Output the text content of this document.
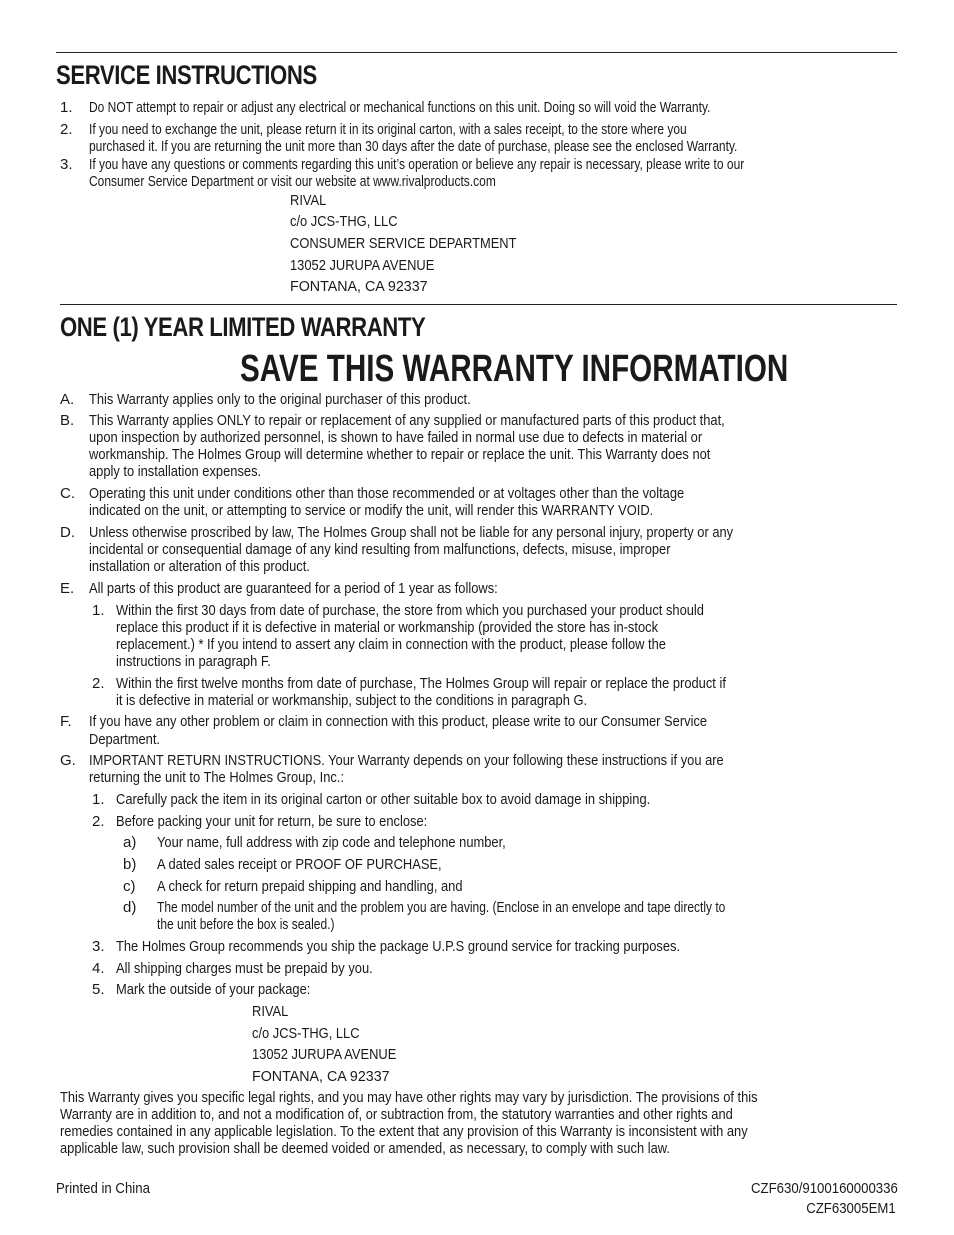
SERVICE INSTRUCTIONS
1. Do NOT attempt to repair or adjust any electrical or mechanical functions on this unit. Doing so will void the Warranty.
2. If you need to exchange the unit, please return it in its original carton, with a sales receipt, to the store where you
purchased it. If you are returning the unit more than 30 days after the date of purchase, please see the enclosed Warranty.
3. If you have any questions or comments regarding this unit’s operation or believe any repair is necessary, please write to our
Consumer Service Department or visit our website at www.rivalproducts.com
RIVAL
c/o JCS-THG, LLC
CONSUMER SERVICE DEPARTMENT
13052 JURUPA AVENUE
FONTANA, CA 92337
ONE (1) YEAR LIMITED WARRANTY
SAVE THIS WARRANTY INFORMATION
A. This Warranty applies only to the original purchaser of this product.
B. This Warranty applies ONLY to repair or replacement of any supplied or manufactured parts of this product that,
upon inspection by authorized personnel, is shown to have failed in normal use due to defects in material or
workmanship. The Holmes Group will determine whether to repair or replace the unit. This Warranty does not
apply to installation expenses.
C. Operating this unit under conditions other than those recommended or at voltages other than the voltage
indicated on the unit, or attempting to service or modify the unit, will render this WARRANTY VOID.
D. Unless otherwise proscribed by law, The Holmes Group shall not be liable for any personal injury, property or any
incidental or consequential damage of any kind resulting from malfunctions, defects, misuse, improper
installation or alteration of this product.
E. All parts of this product are guaranteed for a period of 1 year as follows:
1. Within the first 30 days from date of purchase, the store from which you purchased your product should
replace this product if it is defective in material or workmanship (provided the store has in-stock
replacement.) * If you intend to assert any claim in connection with the product, please follow the
instructions in paragraph F.
2. Within the first twelve months from date of purchase, The Holmes Group will repair or replace the product if
it is defective in material or workmanship, subject to the conditions in paragraph G.
F. If you have any other problem or claim in connection with this product, please write to our Consumer Service
Department.
G. IMPORTANT RETURN INSTRUCTIONS. Your Warranty depends on your following these instructions if you are
returning the unit to The Holmes Group, Inc.:
1. Carefully pack the item in its original carton or other suitable box to avoid damage in shipping.
2. Before packing your unit for return, be sure to enclose:
a) Your name, full address with zip code and telephone number,
b) A dated sales receipt or PROOF OF PURCHASE,
c) A check for return prepaid shipping and handling, and
d) The model number of the unit and the problem you are having. (Enclose in an envelope and tape directly to
the unit before the box is sealed.)
3. The Holmes Group recommends you ship the package U.P.S ground service for tracking purposes.
4. All shipping charges must be prepaid by you.
5. Mark the outside of your package:
RIVAL
c/o JCS-THG, LLC
13052 JURUPA AVENUE
FONTANA, CA 92337
This Warranty gives you specific legal rights, and you may have other rights may vary by jurisdiction. The provisions of this
Warranty are in addition to, and not a modification of, or subtraction from, the statutory warranties and other rights and
remedies contained in any applicable legislation. To the extent that any provision of this Warranty is inconsistent with any
applicable law, such provision shall be deemed voided or amended, as necessary, to comply with such law.
Printed in China	CZF630/9100160000336
CZF63005EM1
